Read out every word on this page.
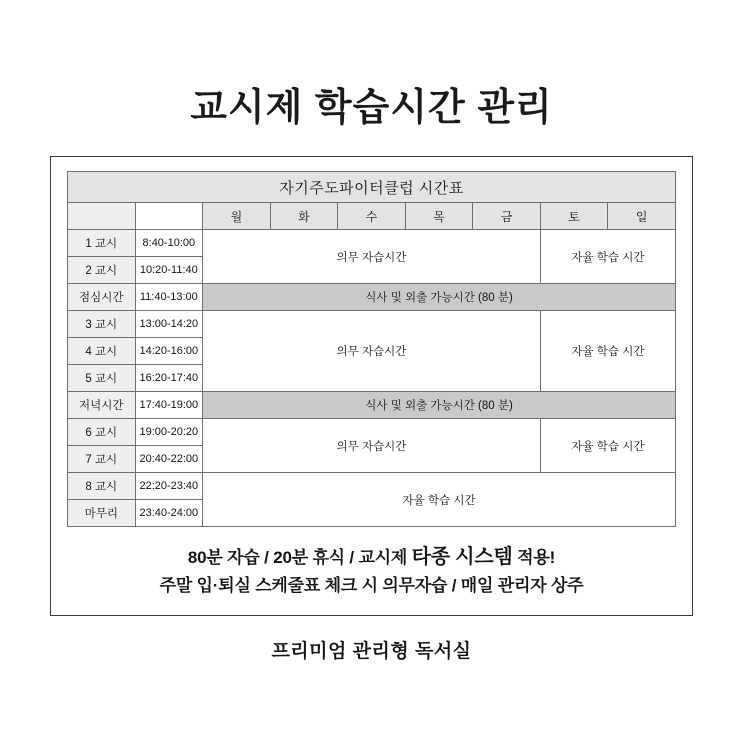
교시제 학습시간 관리
자기주도파이터클럽 시간표								
		월	화	수	목	금	토	일
1 교시	8:40-10:00	의무 자습시간					자율 학습 시간	
2 교시	10:20-11:40							
점심시간	11:40-13:00	식사 및 외출 가능시간 (80 분)						
3 교시	13:00-14:20	의무 자습시간					자율 학습 시간	
4 교시	14:20-16:00							
5 교시	16:20-17:40							
저녁시간	17:40-19:00	식사 및 외출 가능시간 (80 분)						
6 교시	19:00-20:20	의무 자습시간					자율 학습 시간	
7 교시	20:40-22:00							
8 교시	22:20-23:40	자율 학습 시간						
마무리	23:40-24:00							
80분 자습 / 20분 휴식 / 교시제 타종 시스템 적용!
주말 입·퇴실 스케줄표 체크 시 의무자습 / 매일 관리자 상주
프리미엄 관리형 독서실
